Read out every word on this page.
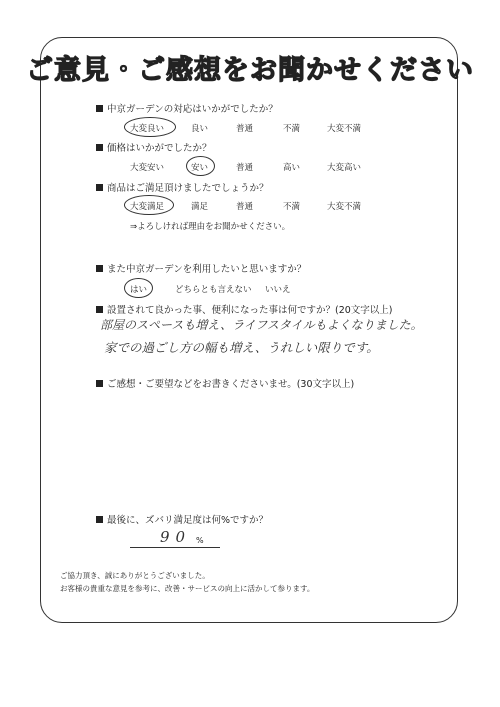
ご意見・ご感想をお聞かせください
中京ガーデンの対応はいかがでしたか？
大変良い	良い	普通	不満	大変不満
価格はいかがでしたか？
大変安い	安い	普通	高い	大変高い
商品はご満足頂けましたでしょうか？
大変満足	満足	普通	不満	大変不満
⇒よろしければ理由をお聞かせください。
また中京ガーデンを利用したいと思いますか？
はい	どちらとも言えない いいえ
設置されて良かった事、便利になった事は何ですか？(20文字以上)
部屋のスペースも増え、ライフスタイルもよくなりました。
家での過ごし方の幅も増え、うれしい限りです。
ご感想・ご要望などをお書きくださいませ。(30文字以上)
最後に、ズバリ満足度は何%ですか？
90 %
ご協力頂き、誠にありがとうございました。
お客様の貴重な意見を参考に、改善・サービスの向上に活かして参ります。
